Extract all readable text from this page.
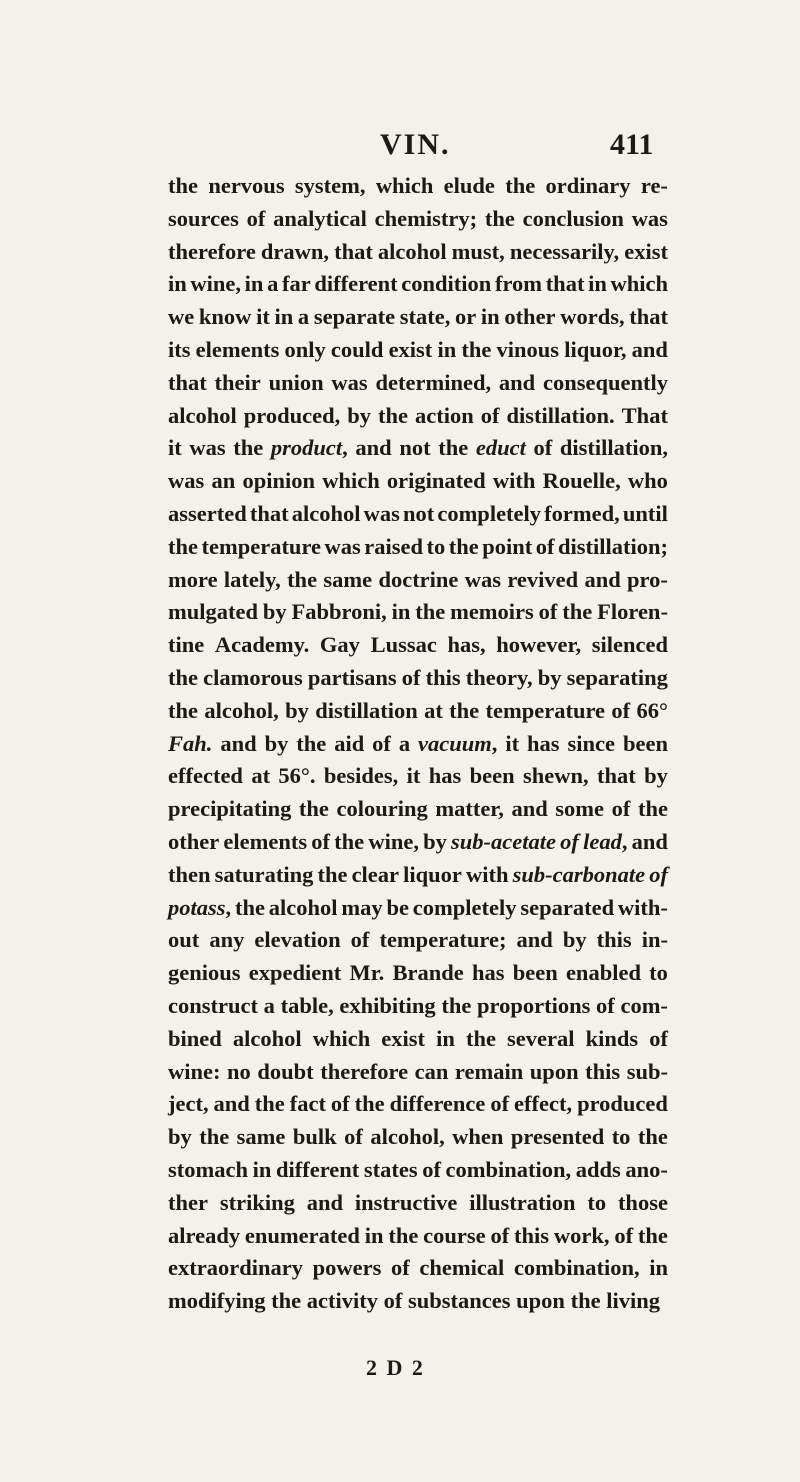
VIN.	411
the nervous system, which elude the ordinary re-
sources of analytical chemistry; the conclusion was
therefore drawn, that alcohol must, necessarily, exist
in wine, in a far different condition from that in which
we know it in a separate state, or in other words, that
its elements only could exist in the vinous liquor, and
that their union was determined, and consequently
alcohol produced, by the action of distillation. That
it was the product, and not the educt of distillation,
was an opinion which originated with Rouelle, who
asserted that alcohol was not completely formed, until
the temperature was raised to the point of distillation;
more lately, the same doctrine was revived and pro-
mulgated by Fabbroni, in the memoirs of the Floren-
tine Academy. Gay Lussac has, however, silenced
the clamorous partisans of this theory, by separating
the alcohol, by distillation at the temperature of 66°
Fah. and by the aid of a vacuum, it has since been
effected at 56°. besides, it has been shewn, that by
precipitating the colouring matter, and some of the
other elements of the wine, by sub-acetate of lead, and
then saturating the clear liquor with sub-carbonate of
potass, the alcohol may be completely separated with-
out any elevation of temperature; and by this in-
genious expedient Mr. Brande has been enabled to
construct a table, exhibiting the proportions of com-
bined alcohol which exist in the several kinds of
wine: no doubt therefore can remain upon this sub-
ject, and the fact of the difference of effect, produced
by the same bulk of alcohol, when presented to the
stomach in different states of combination, adds ano-
ther striking and instructive illustration to those
already enumerated in the course of this work, of the
extraordinary powers of chemical combination, in
modifying
the
activity
of
substances
upon
the
living

2 D 2
